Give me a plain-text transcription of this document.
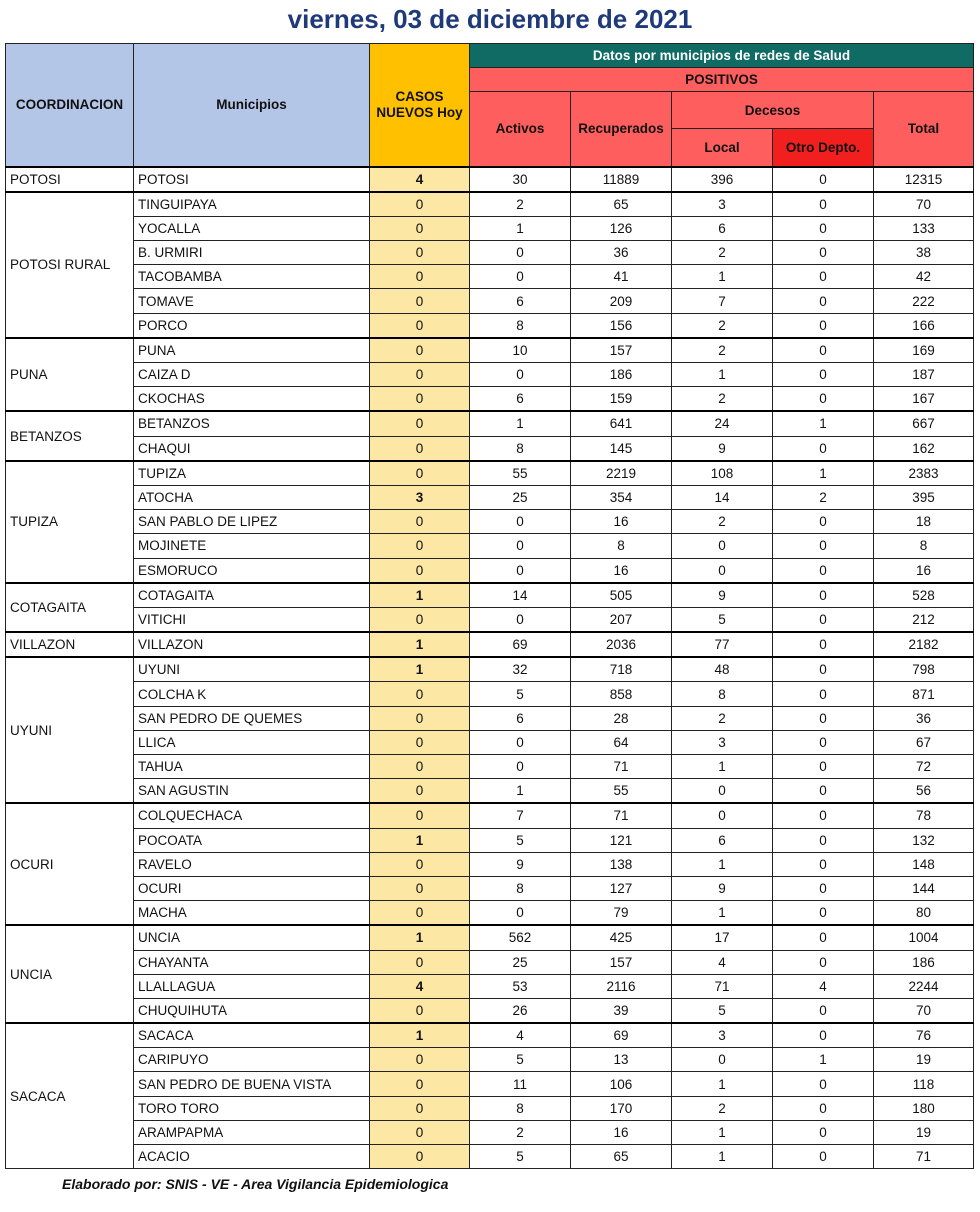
viernes, 03 de diciembre de 2021
COORDINACION	Municipios	CASOS NUEVOS Hoy	Datos por municipios de redes de Salud				
			POSITIVOS				
			Activos	Recuperados	Decesos		Total
					Local	Otro Depto.	
POTOSI	POTOSI	4	30	11889	396	0	12315
POTOSI RURAL	TINGUIPAYA	0	2	65	3	0	70
	YOCALLA	0	1	126	6	0	133
	B. URMIRI	0	0	36	2	0	38
	TACOBAMBA	0	0	41	1	0	42
	TOMAVE	0	6	209	7	0	222
	PORCO	0	8	156	2	0	166
PUNA	PUNA	0	10	157	2	0	169
	CAIZA D	0	0	186	1	0	187
	CKOCHAS	0	6	159	2	0	167
BETANZOS	BETANZOS	0	1	641	24	1	667
	CHAQUI	0	8	145	9	0	162
TUPIZA	TUPIZA	0	55	2219	108	1	2383
	ATOCHA	3	25	354	14	2	395
	SAN PABLO DE LIPEZ	0	0	16	2	0	18
	MOJINETE	0	0	8	0	0	8
	ESMORUCO	0	0	16	0	0	16
COTAGAITA	COTAGAITA	1	14	505	9	0	528
	VITICHI	0	0	207	5	0	212
VILLAZON	VILLAZON	1	69	2036	77	0	2182
UYUNI	UYUNI	1	32	718	48	0	798
	COLCHA K	0	5	858	8	0	871
	SAN PEDRO DE QUEMES	0	6	28	2	0	36
	LLICA	0	0	64	3	0	67
	TAHUA	0	0	71	1	0	72
	SAN AGUSTIN	0	1	55	0	0	56
OCURI	COLQUECHACA	0	7	71	0	0	78
	POCOATA	1	5	121	6	0	132
	RAVELO	0	9	138	1	0	148
	OCURI	0	8	127	9	0	144
	MACHA	0	0	79	1	0	80
UNCIA	UNCIA	1	562	425	17	0	1004
	CHAYANTA	0	25	157	4	0	186
	LLALLAGUA	4	53	2116	71	4	2244
	CHUQUIHUTA	0	26	39	5	0	70
SACACA	SACACA	1	4	69	3	0	76
	CARIPUYO	0	5	13	0	1	19
	SAN PEDRO DE BUENA VISTA	0	11	106	1	0	118
	TORO TORO	0	8	170	2	0	180
	ARAMPAPMA	0	2	16	1	0	19
	ACACIO	0	5	65	1	0	71
Elaborado por: SNIS - VE - Area Vigilancia Epidemiologica
